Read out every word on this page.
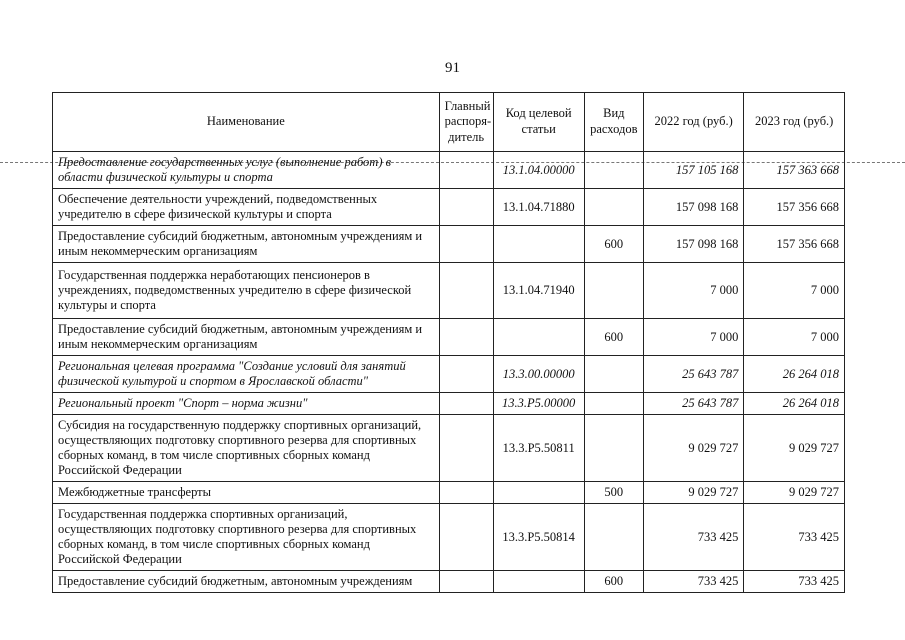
91
Наименование	Главный распоря-дитель	Код целевой статьи	Вид расходов	2022 год (руб.)	2023 год (руб.)
Предоставление государственных услуг (выполнение работ) в области физической культуры и спорта		13.1.04.00000		157 105 168	157 363 668
Обеспечение деятельности учреждений, подведомственных учредителю в сфере физической культуры и спорта		13.1.04.71880		157 098 168	157 356 668
Предоставление субсидий бюджетным, автономным учреждениям и иным некоммерческим организациям			600	157 098 168	157 356 668
Государственная поддержка неработающих пенсионеров в учреждениях, подведомственных учредителю в сфере физической культуры и спорта		13.1.04.71940		7 000	7 000
Предоставление субсидий бюджетным, автономным учреждениям и иным некоммерческим организациям			600	7 000	7 000
Региональная целевая программа "Создание условий для занятий физической культурой и спортом в Ярославской области"		13.3.00.00000		25 643 787	26 264 018
Региональный проект "Спорт – норма жизни"		13.3.P5.00000		25 643 787	26 264 018
Субсидия на государственную поддержку спортивных организаций, осуществляющих подготовку спортивного резерва для спортивных сборных команд, в том числе спортивных сборных команд Российской Федерации		13.3.P5.50811		9 029 727	9 029 727
Межбюджетные трансферты			500	9 029 727	9 029 727
Государственная поддержка спортивных организаций, осуществляющих подготовку спортивного резерва для спортивных сборных команд, в том числе спортивных сборных команд Российской Федерации		13.3.P5.50814		733 425	733 425
Предоставление субсидий бюджетным, автономным учреждениям			600	733 425	733 425
